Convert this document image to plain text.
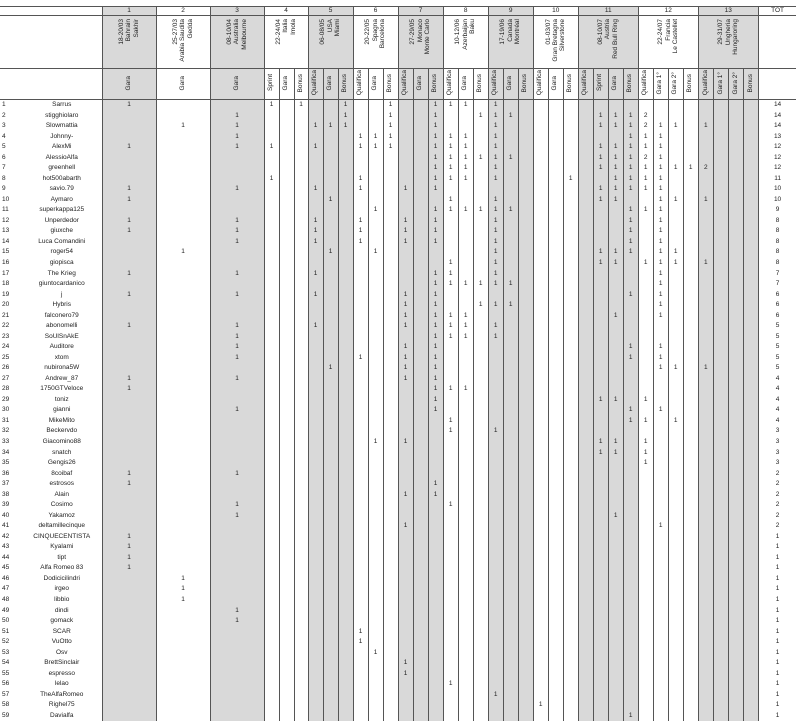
		1	2	3	4			5			6			7			8			9			10			11				12				13				TOT

		18-20/03 Bahrain Sakhir	25-27/03 Arabia Saudita Gedda	08-10/04 Australia Melbourne	22-24/04 Italia Imola			06-08/05 USA Miami			20-22/05 Spagna Barcelona			27-29/05 Monaco Monte Carlo			10-12/06 Azerbaijan Baku			17-19/06 Canada Montréal			01-03/07 Gran Bretagna Silverstone			08-10/07 Austria Red Bull Ring				22-24/07 Francia Le Castellet				29-31/07 Ungheria Hungaroring				

		Gara	Gara	Gara	Sprint	Gara	Bonus	Qualifica	Gara	Bonus	Qualifica	Gara	Bonus	Qualifica	Gara	Bonus	Qualifica	Gara	Bonus	Qualifica	Gara	Bonus	Qualifica	Gara	Bonus	Qualifica	Sprint	Gara	Bonus	Qualifica	Gara 1°	Gara 2°	Bonus	Qualifica	Gara 1°	Gara 2°	Bonus	
1	Sarrus	1			1		1			1			1			1	1	1		1																		14
2	stigghiolaro			1						1			1			1			1	1	1						1	1	1	2								14
3	Slowmattia		1	1				1	1	1			1			1				1							1	1	1	2	1	1		1				14
4	Johnny-			1							1	1	1			1	1	1		1									1	1	1							13
5	AlexMi	1		1	1			1			1	1	1			1	1	1		1							1	1	1	1	1							12
6	AlessioAlfa															1	1	1	1	1	1						1	1	1	2	1							12
7	greenhell															1	1	1		1							1	1	1	1	1	1	1	2				12
8	hot500abarth				1						1					1	1	1		1					1			1	1	1	1							11
9	savio.79	1		1				1			1			1		1											1	1	1	1	1							10
10	Aymaro	1							1								1			1							1	1			1	1		1				10
11	superkappa125											1				1	1	1	1	1	1								1	1	1							9
12	Unperdedor	1		1				1			1			1		1				1									1		1							8
13	giuxche	1		1				1			1			1		1				1									1		1							8
14	Luca Comandini			1				1			1			1		1				1									1		1							8
15	roger54		1						1			1								1							1	1	1		1	1						8
16	giopisca																1			1							1	1		1	1	1		1				8
17	The Krieg	1		1				1								1	1			1											1							7
18	giuntocardanico															1	1	1	1	1	1										1							7
19	j	1		1				1						1		1													1		1							6
20	Hybris													1		1			1	1	1										1							6
21	falconero79													1		1	1	1										1			1							6
22	abonomelli	1		1				1						1		1	1	1		1																		5
23	SoUlSnAkE			1												1	1	1		1																		5
24	Auditore			1										1		1													1		1							5
25	xtom			1							1			1		1													1		1							5
26	nubirona5W								1					1		1															1	1		1				5
27	Andrew_87	1		1										1		1																						4
28	1750GTVeloce	1														1	1	1																				4
29	toniz															1											1	1		1								4
30	gianni			1												1													1		1							4
31	MikeMito																1												1	1		1						4
32	Beckervdo																1			1																		3
33	Giacomino88											1		1													1	1		1								3
34	snatch																										1	1		1								3
35	Gengis26																													1								3
36	8coibaf	1		1																																		2
37	estrosos	1														1																						2
38	Alain													1		1																						2
39	Cosimo			1													1																					2
40	Yakamoz			1																								1										2
41	deltamillecinque													1																	1							2
42	CINQUECENTISTA	1																																				1
43	Kyalami	1																																				1
44	tipt	1																																				1
45	Alfa Romeo 83	1																																				1
46	Dodicicilindri		1																																			1
47	irgeo		1																																			1
48	libbio		1																																			1
49	dindi			1																																		1
50	gomack			1																																		1
51	SCAR										1																											1
52	VuOtto										1																											1
53	Osv											1																										1
54	BrettSinclair													1																								1
55	espresso													1																								1
56	lelao																1																					1
57	TheAlfaRomeo																			1																		1
58	Righel75																						1															1
59	Davialfa																												1									1
